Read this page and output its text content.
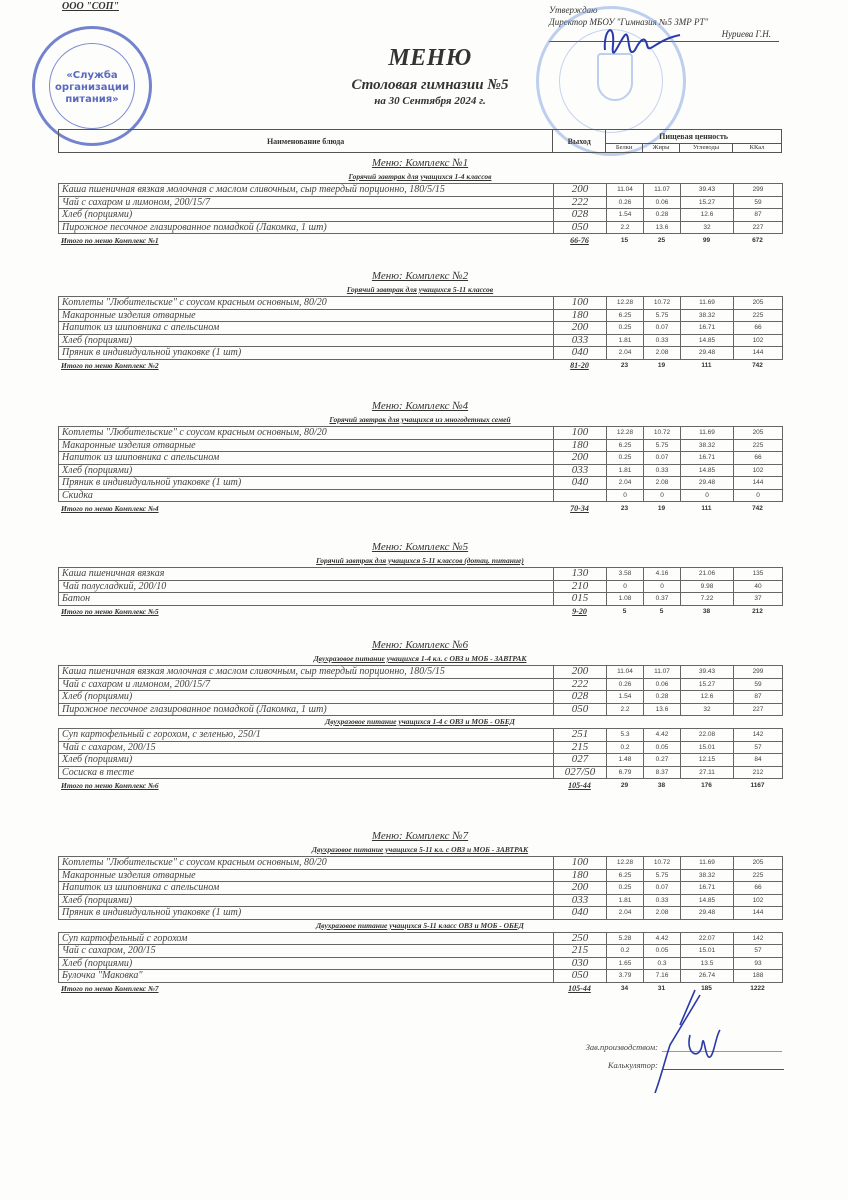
ООО "СОП"	Утверждаю
Директор МБОУ "Гимназия №5 ЗМР РТ"
Нуриева Г.Н.
«Служба
организации
питания»
МЕНЮ
Столовая гимназии №5
на 30 Сентября 2024 г.
Наименование блюда	Выход	Пищевая ценность			
		Белки	Жиры	Углеводы	ККал
Меню: Комплекс №1
Горячий завтрак для учащихся 1-4 классов
Каша пшеничная вязкая молочная с маслом сливочным, сыр твердый порционно, 180/5/15	200	11.04	11.07	39.43	299
Чай с сахаром и лимоном, 200/15/7	222	0.26	0.06	15.27	59
Хлеб (порциями)	028	1.54	0.28	12.6	87
Пирожное песочное глазированное помадкой (Лакомка, 1 шт)	050	2.2	13.6	32	227
Итого по меню Комплекс №1	66-76	15	25	99	672
Меню: Комплекс №2
Горячий завтрак для учащихся 5-11 классов
Котлеты "Любительские" с соусом красным основным, 80/20	100	12.28	10.72	11.69	205
Макаронные изделия отварные	180	6.25	5.75	38.32	225
Напиток из шиповника с апельсином	200	0.25	0.07	16.71	66
Хлеб (порциями)	033	1.81	0.33	14.85	102
Пряник в индивидуальной упаковке (1 шт)	040	2.04	2.08	29.48	144
Итого по меню Комплекс №2	81-20	23	19	111	742
Меню: Комплекс №4
Горячий завтрак для учащихся из многодетных семей
Котлеты "Любительские" с соусом красным основным, 80/20	100	12.28	10.72	11.69	205
Макаронные изделия отварные	180	6.25	5.75	38.32	225
Напиток из шиповника с апельсином	200	0.25	0.07	16.71	66
Хлеб (порциями)	033	1.81	0.33	14.85	102
Пряник в индивидуальной упаковке (1 шт)	040	2.04	2.08	29.48	144
Скидка		0	0	0	0
Итого по меню Комплекс №4	70-34	23	19	111	742
Меню: Комплекс №5
Горячий завтрак для учащихся 5-11 классов (дотац. питание)
Каша пшеничная вязкая	130	3.58	4.16	21.06	135
Чай полусладкий, 200/10	210	0	0	9.98	40
Батон	015	1.08	0.37	7.22	37
Итого по меню Комплекс №5	9-20	5	5	38	212
Меню: Комплекс №6
Двухразовое питание учащихся 1-4 кл. с ОВЗ и МОБ - ЗАВТРАК
Каша пшеничная вязкая молочная с маслом сливочным, сыр твердый порционно, 180/5/15	200	11.04	11.07	39.43	299
Чай с сахаром и лимоном, 200/15/7	222	0.26	0.06	15.27	59
Хлеб (порциями)	028	1.54	0.28	12.6	87
Пирожное песочное глазированное помадкой (Лакомка, 1 шт)	050	2.2	13.6	32	227
Двухразовое питание учащихся 1-4 с ОВЗ и МОБ - ОБЕД
Суп картофельный с горохом, с зеленью, 250/1	251	5.3	4.42	22.08	142
Чай с сахаром, 200/15	215	0.2	0.05	15.01	57
Хлеб (порциями)	027	1.48	0.27	12.15	84
Сосиска в тесте	027/50	6.79	8.37	27.11	212
Итого по меню Комплекс №6	105-44	29	38	176	1167
Меню: Комплекс №7
Двухразовое питание учащихся 5-11 кл. с ОВЗ и МОБ - ЗАВТРАК
Котлеты "Любительские" с соусом красным основным, 80/20	100	12.28	10.72	11.69	205
Макаронные изделия отварные	180	6.25	5.75	38.32	225
Напиток из шиповника с апельсином	200	0.25	0.07	16.71	66
Хлеб (порциями)	033	1.81	0.33	14.85	102
Пряник в индивидуальной упаковке (1 шт)	040	2.04	2.08	29.48	144
Двухразовое питание учащихся 5-11 класс ОВЗ и МОБ - ОБЕД
Суп картофельный с горохом	250	5.28	4.42	22.07	142
Чай с сахаром, 200/15	215	0.2	0.05	15.01	57
Хлеб (порциями)	030	1.65	0.3	13.5	93
Булочка "Маковка"	050	3.79	7.16	26.74	188
Итого по меню Комплекс №7	105-44	34	31	185	1222
Зав.производством:
Калькулятор:
